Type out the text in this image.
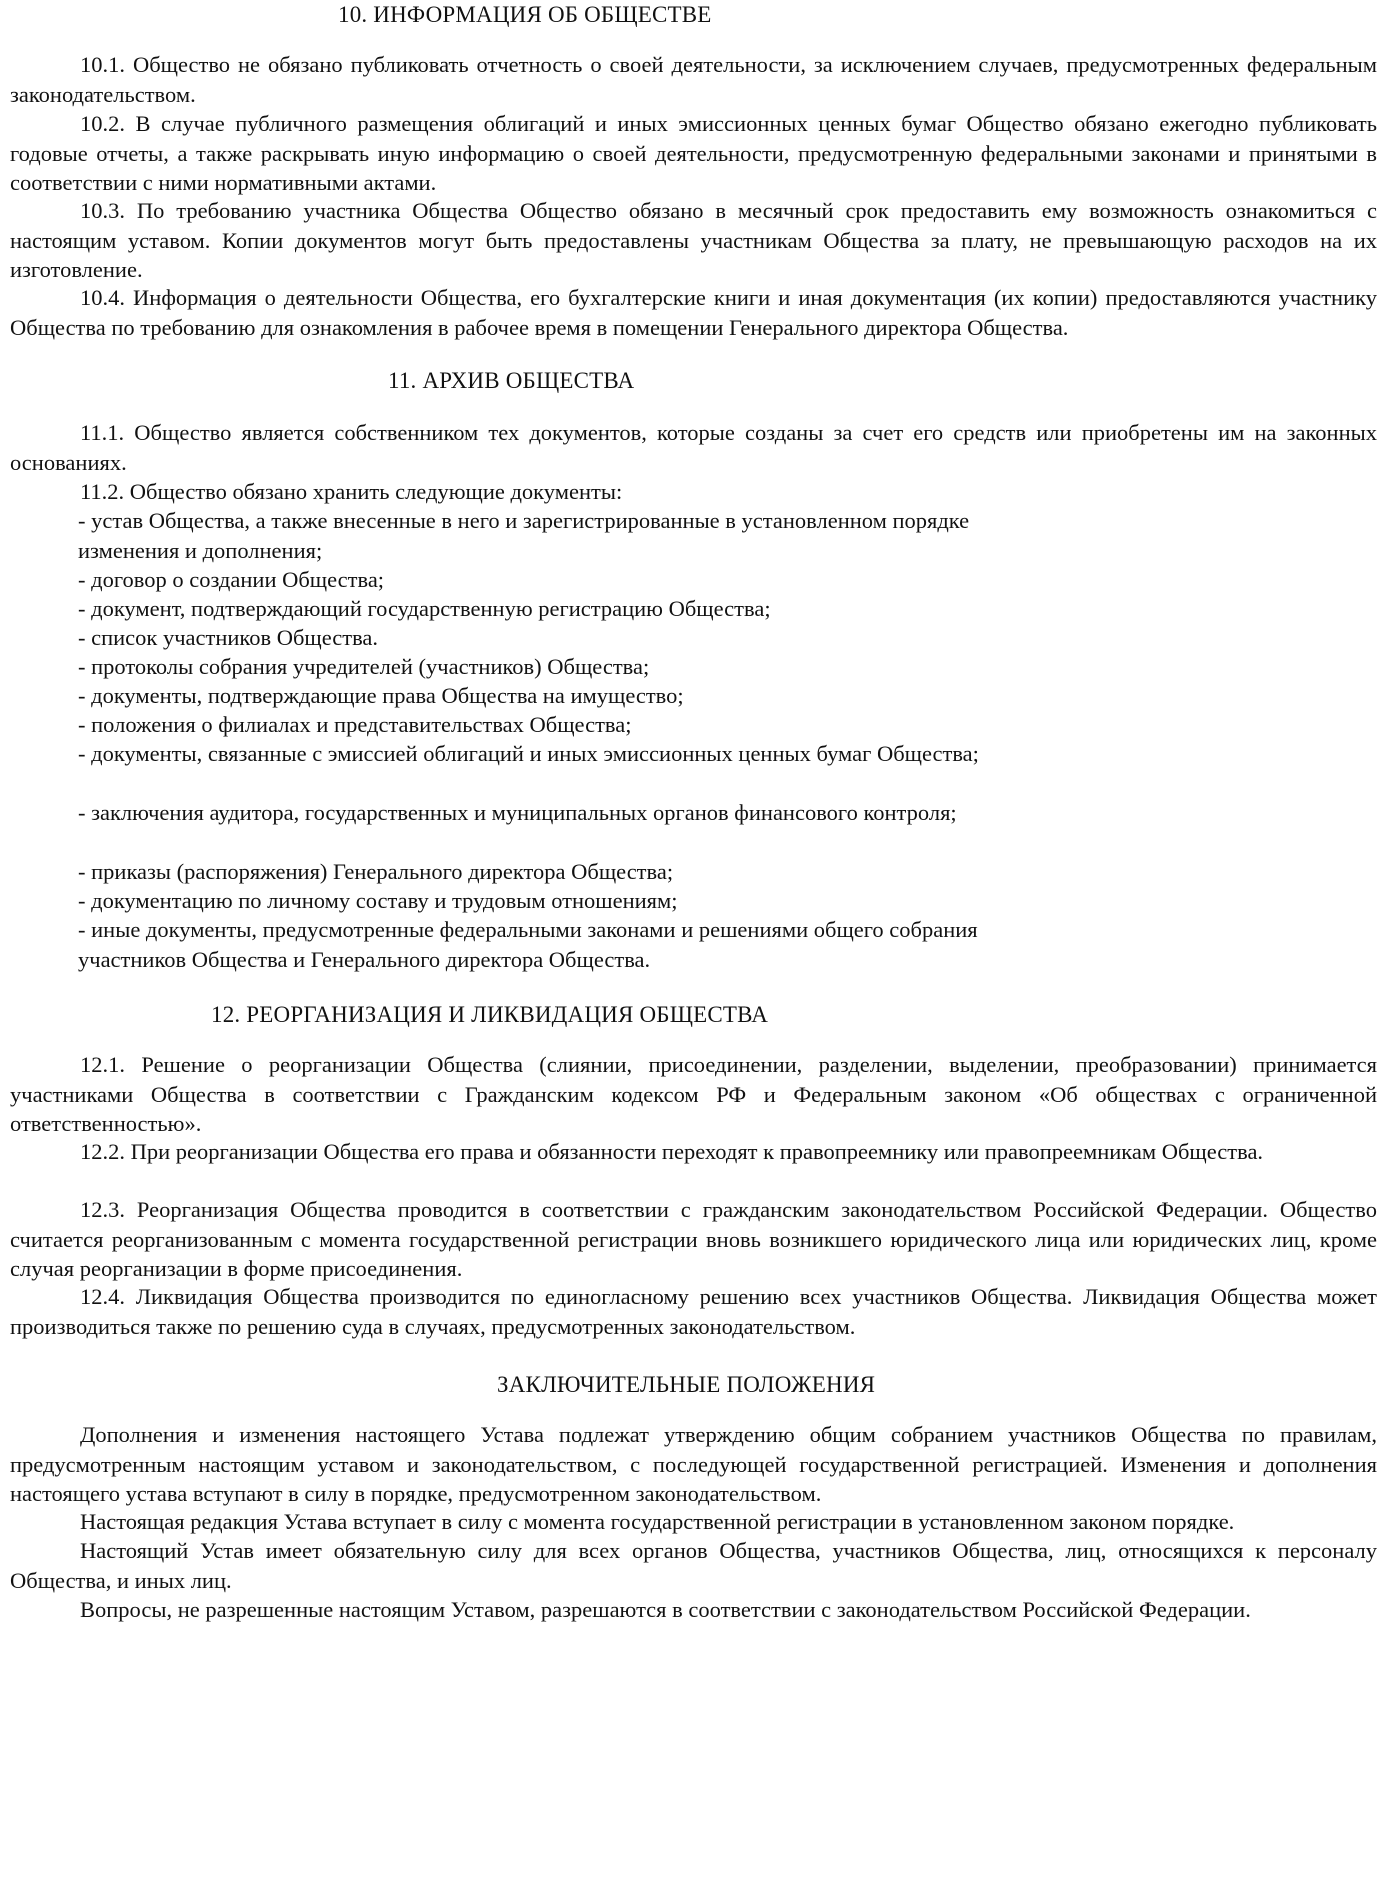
10. ИНФОРМАЦИЯ ОБ ОБЩЕСТВЕ

10.1. Общество не обязано публиковать отчетность о своей деятельности, за исключением случаев, предусмотренных федеральным законодательством.

10.2. В случае публичного размещения облигаций и иных эмиссионных ценных бумаг Общество обязано ежегодно публиковать годовые отчеты, а также раскрывать иную информацию о своей деятельности, предусмотренную федеральными законами и принятыми в соответствии с ними нормативными актами.

10.3. По требованию участника Общества Общество обязано в месячный срок предоставить ему возможность ознакомиться с настоящим уставом. Копии документов могут быть предоставлены участникам Общества за плату, не превышающую расходов на их изготовление.

10.4. Информация о деятельности Общества, его бухгалтерские книги и иная документация (их копии) предоставляются участнику Общества по требованию для ознакомления в рабочее время в помещении Генерального директора Общества.

11. АРХИВ ОБЩЕСТВА

11.1. Общество является собственником тех документов, которые созданы за счет его средств или приобретены им на законных основаниях.

11.2. Общество обязано хранить следующие документы:
- устав Общества, а также внесенные в него и зарегистрированные в установленном порядке изменения и дополнения;
- договор о создании Общества;
- документ, подтверждающий государственную регистрацию Общества;
- список участников Общества.
- протоколы собрания учредителей (участников) Общества;
- документы, подтверждающие права Общества на имущество;
- положения о филиалах и представительствах Общества;
- документы, связанные с эмиссией облигаций и иных эмиссионных ценных бумаг Общества;
- заключения аудитора, государственных и муниципальных органов финансового контроля;
- приказы (распоряжения) Генерального директора Общества;
- документацию по личному составу и трудовым отношениям;
- иные документы, предусмотренные федеральными законами и решениями общего собрания участников Общества и Генерального директора Общества.
12. РЕОРГАНИЗАЦИЯ И ЛИКВИДАЦИЯ ОБЩЕСТВА

12.1. Решение о реорганизации Общества (слиянии, присоединении, разделении, выделении, преобразовании) принимается участниками Общества в соответствии с Гражданским кодексом РФ и Федеральным законом «Об обществах с ограниченной ответственностью».

12.2. При реорганизации Общества его права и обязанности переходят к правопреемнику или правопреемникам Общества.

12.3. Реорганизация Общества проводится в соответствии с гражданским законодательством Российской Федерации. Общество считается реорганизованным с момента государственной регистрации вновь возникшего юридического лица или юридических лиц, кроме случая реорганизации в форме присоединения.

12.4. Ликвидация Общества производится по единогласному решению всех участников Общества. Ликвидация Общества может производиться также по решению суда в случаях, предусмотренных законодательством.

ЗАКЛЮЧИТЕЛЬНЫЕ ПОЛОЖЕНИЯ

Дополнения и изменения настоящего Устава подлежат утверждению общим собранием участников Общества по правилам, предусмотренным настоящим уставом и законодательством, с последующей государственной регистрацией. Изменения и дополнения настоящего устава вступают в силу в порядке, предусмотренном законодательством.

Настоящая редакция Устава вступает в силу с момента государственной регистрации в установленном законом порядке.

Настоящий Устав имеет обязательную силу для всех органов Общества, участников Общества, лиц, относящихся к персоналу Общества, и иных лиц.

Вопросы, не разрешенные настоящим Уставом, разрешаются в соответствии с законодательством Российской Федерации.
